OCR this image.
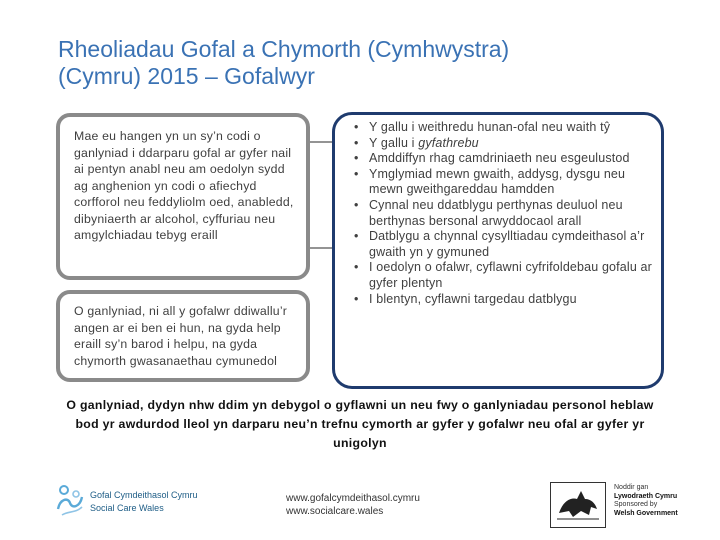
Rheoliadau Gofal a Chymorth (Cymhwystra)
(Cymru) 2015 – Gofalwyr
Mae eu hangen yn un sy’n codi o ganlyniad i ddarparu gofal ar gyfer nail ai pentyn anabl neu am oedolyn sydd ag anghenion yn codi o afiechyd corfforol neu feddyliolm oed, anabledd, dibyniaerth ar alcohol, cyffuriau neu amgylchiadau tebyg eraill
O ganlyniad, ni all y gofalwr ddiwallu’r angen ar ei ben ei hun, na gyda help eraill sy’n barod i helpu, na gyda chymorth gwasanaethau cymunedol
• Y gallu i weithredu hunan-ofal neu waith tŷ
• Y gallu i gyfathrebu
• Amddiffyn rhag camdriniaeth neu esgeulustod
• Ymglymiad mewn gwaith, addysg, dysgu neu mewn gweithgareddau hamdden
• Cynnal neu ddatblygu perthynas deuluol neu berthynas bersonal arwyddocaol arall
• Datblygu a chynnal cysylltiadau cymdeithasol a’r gwaith yn y gymuned
• I oedolyn o ofalwr, cyflawni cyfrifoldebau gofalu ar gyfer plentyn
• I blentyn, cyflawni targedau datblygu
O ganlyniad, dydyn nhw ddim yn debygol o gyflawni un neu fwy o ganlyniadau personol heblaw bod yr awdurdod lleol yn darparu neu’n trefnu cymorth ar gyfer y gofalwr neu ofal ar gyfer yr unigolyn
Gofal Cymdeithasol Cymru
Social Care Wales
www.gofalcymdeithasol.cymru
www.socialcare.wales
Noddir gan
Lywodraeth Cymru
Sponsored by
Welsh Government
